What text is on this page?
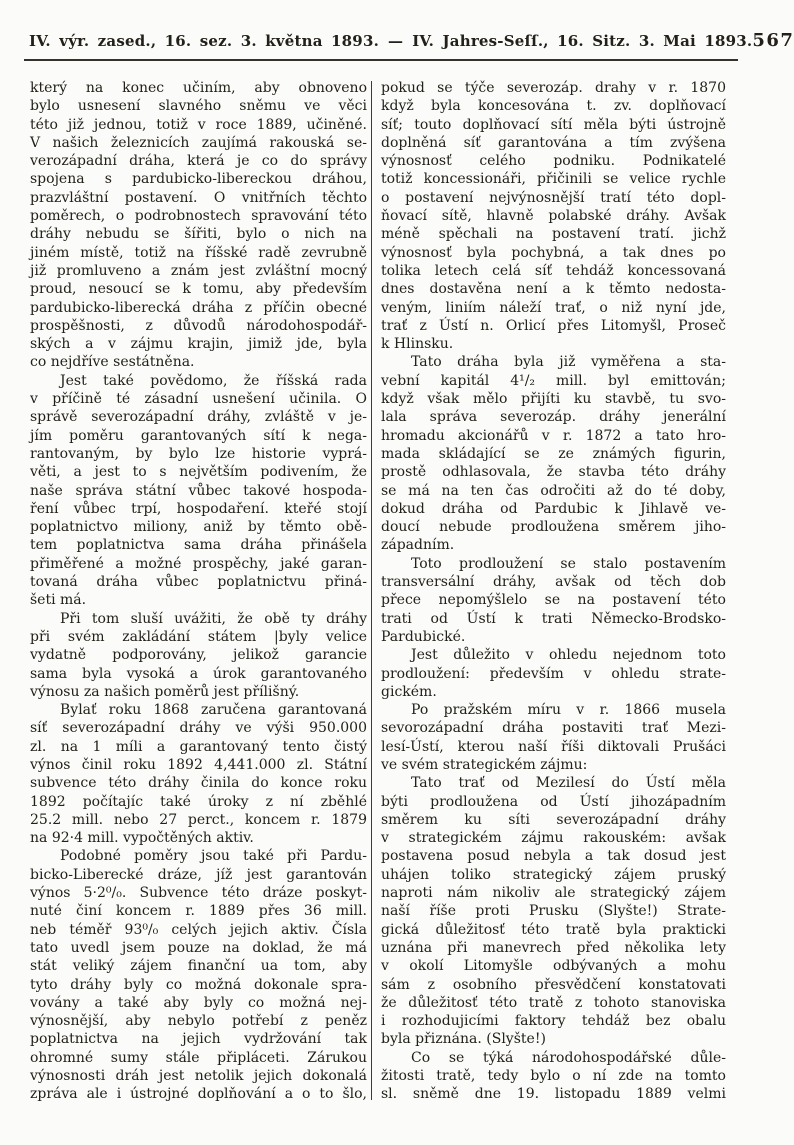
IV. výr. zased., 16. sez. 3. května 1893. — IV. Jahres-Seſſ., 16. Sitz. 3. Mai 1893. 567
který na konec učiním, aby obnoveno
bylo usnesení slavného sněmu ve věci
této již jednou, totiž v roce 1889, učiněné.
V našich železnicích zaujímá rakouská se-
verozápadní dráha, která je co do správy
spojena s pardubicko-libereckou dráhou,
prazvláštní postavení. O vnitřních těchto
poměrech, o podrobnostech spravování této
dráhy nebudu se šířiti, bylo o nich na
jiném místě, totiž na říšské radě zevrubně
již promluveno a znám jest zvláštní mocný
proud, nesoucí se k tomu, aby především
pardubicko-liberecká dráha z příčin obecné
prospěšnosti, z důvodů národohospodář-
ských a v zájmu krajin, jimiž jde, byla
co nejdříve sestátněna.
Jest také povědomo, že říšská rada
v příčině té zásadní usnešení učinila. O
správě severozápadní dráhy, zvláště v je-
jím poměru garantovaných sítí k nega-
rantovaným, by bylo lze historie vyprá-
věti, a jest to s největším podivením, že
naše správa státní vůbec takové hospoda-
ření vůbec trpí, hospodaření. kteřé stojí
poplatnictvo miliony, aniž by těmto obě-
tem poplatnictva sama dráha přinášela
přiměřené a možné prospěchy, jaké garan-
tovaná dráha vůbec poplatnictvu přiná-
šeti má.
Při tom sluší uvážiti, že obě ty dráhy
při svém zakládání státem |byly velice
vydatně podporovány, jelikož garancie
sama byla vysoká a úrok garantovaného
výnosu za našich poměrů jest přílišný.
Bylať roku 1868 zaručena garantovaná
síť severozápadní dráhy ve výši 950.000
zl. na 1 míli a garantovaný tento čistý
výnos činil roku 1892 4,441.000 zl. Státní
subvence této dráhy činila do konce roku
1892 počítajíc také úroky z ní zběhlé
25.2 mill. nebo 27 perct., koncem r. 1879
na 92·4 mill. vypočtěných aktiv.
Podobné poměry jsou také při Pardu-
bicko-Liberecké dráze, jíž jest garantován
výnos 5·2⁰/₀. Subvence této dráze poskyt-
nuté činí koncem r. 1889 přes 36 mill.
neb téměř 93⁰/₀ celých jejich aktiv. Čísla
tato uvedl jsem pouze na doklad, že má
stát veliký zájem finanční ua tom, aby
tyto dráhy byly co možná dokonale spra-
vovány a také aby byly co možná nej-
výnosnější, aby nebylo potřebí z peněz
poplatnictva na jejich vydržování tak
ohromné sumy stále připláceti. Zárukou
výnosnosti dráh jest netolik jejich dokonalá
zpráva ale i ústrojné doplňování a o to šlo,
pokud se týče severozáp. drahy v r. 1870
když byla koncesována t. zv. doplňovací
síť; touto doplňovací sítí měla býti ústrojně
doplněná síť garantována a tím zvýšena
výnosnosť celého podniku. Podnikatelé
totiž koncessionáři, přičinili se velice rychle
o postavení nejvýnosnější tratí této dopl-
ňovací sítě, hlavně polabské dráhy. Avšak
méně spěchali na postavení tratí. jichž
výnosnosť byla pochybná, a tak dnes po
tolika letech celá síť tehdáž koncessovaná
dnes dostavěna není a k těmto nedosta-
veným, liniím náleží trať, o niž nyní jde,
trať z Ústí n. Orlicí přes Litomyšl, Proseč
k Hlinsku.
Tato dráha byla již vyměřena a sta-
vební kapitál 4¹/₂ mill. byl emittován;
když však mělo přijíti ku stavbě, tu svo-
lala správa severozáp. dráhy jenerální
hromadu akcionářů v r. 1872 a tato hro-
mada skládající se ze známých figurin,
prostě odhlasovala, že stavba této dráhy
se má na ten čas odročiti až do té doby,
dokud dráha od Pardubic k Jihlavě ve-
doucí nebude prodloužena směrem jiho-
západním.
Toto prodloužení se stalo postavením
transversální dráhy, avšak od těch dob
přece nepomýšlelo se na postavení této
trati od Ústí k trati Německo-Brodsko-
Pardubické.
Jest důležito v ohledu nejednom toto
prodloužení: především v ohledu strate-
gickém.
Po pražském míru v r. 1866 musela
sevorozápadní dráha postaviti trať Mezi-
lesí-Ústí, kterou naší říši diktovali Prušáci
ve svém strategickém zájmu:
Tato trať od Mezilesí do Ústí měla
býti prodloužena od Ústí jihozápadním
směrem ku síti severozápadní dráhy
v strategickém zájmu rakouském: avšak
postavena posud nebyla a tak dosud jest
uhájen toliko strategický zájem pruský
naproti nám nikoliv ale strategický zájem
naší říše proti Prusku (Slyšte!) Strate-
gická důležitosť této tratě byla prakticki
uznána při manevrech před několika lety
v okolí Litomyšle odbývaných a mohu
sám z osobního přesvědčení konstatovati
že důležitosť této tratě z tohoto stanoviska
i rozhodujicími faktory tehdáž bez obalu
byla přiznána. (Slyšte!)
Co se týká národohospodářské důle-
žitosti tratě, tedy bylo o ní zde na tomto
sl. sněmě dne 19. listopadu 1889 velmi
